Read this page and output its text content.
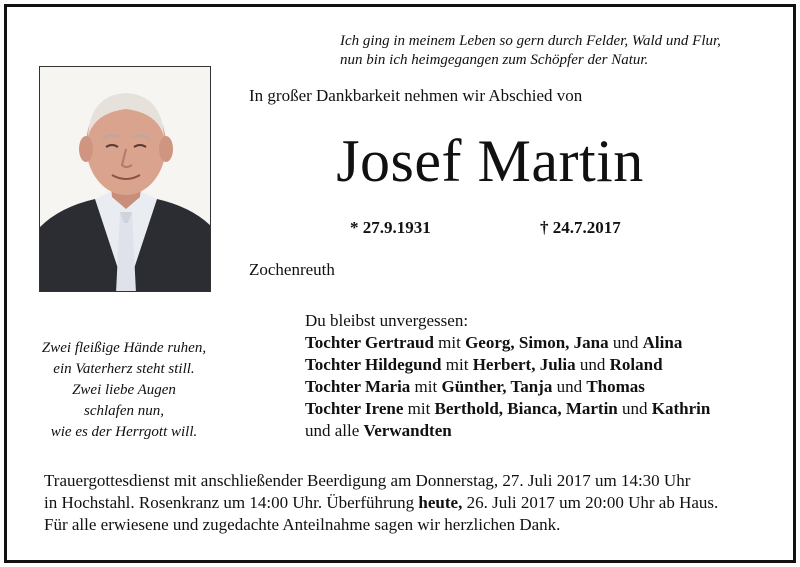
Ich ging in meinem Leben so gern durch Felder, Wald und Flur,
nun bin ich heimgegangen zum Schöpfer der Natur.
In großer Dankbarkeit nehmen wir Abschied von
Josef Martin
* 27.9.1931	† 24.7.2017
Zochenreuth
Zwei fleißige Hände ruhen,
ein Vaterherz steht still.
Zwei liebe Augen
schlafen nun,
wie es der Herrgott will.
Du bleibst unvergessen:
Tochter Gertraud mit Georg, Simon, Jana und Alina
Tochter Hildegund mit Herbert, Julia und Roland
Tochter Maria mit Günther, Tanja und Thomas
Tochter Irene mit Berthold, Bianca, Martin und Kathrin
und alle Verwandten
Trauergottesdienst mit anschließender Beerdigung am Donnerstag, 27. Juli 2017 um 14:30 Uhr
in Hochstahl. Rosenkranz um 14:00 Uhr. Überführung heute, 26. Juli 2017 um 20:00 Uhr ab Haus.
Für alle erwiesene und zugedachte Anteilnahme sagen wir herzlichen Dank.
